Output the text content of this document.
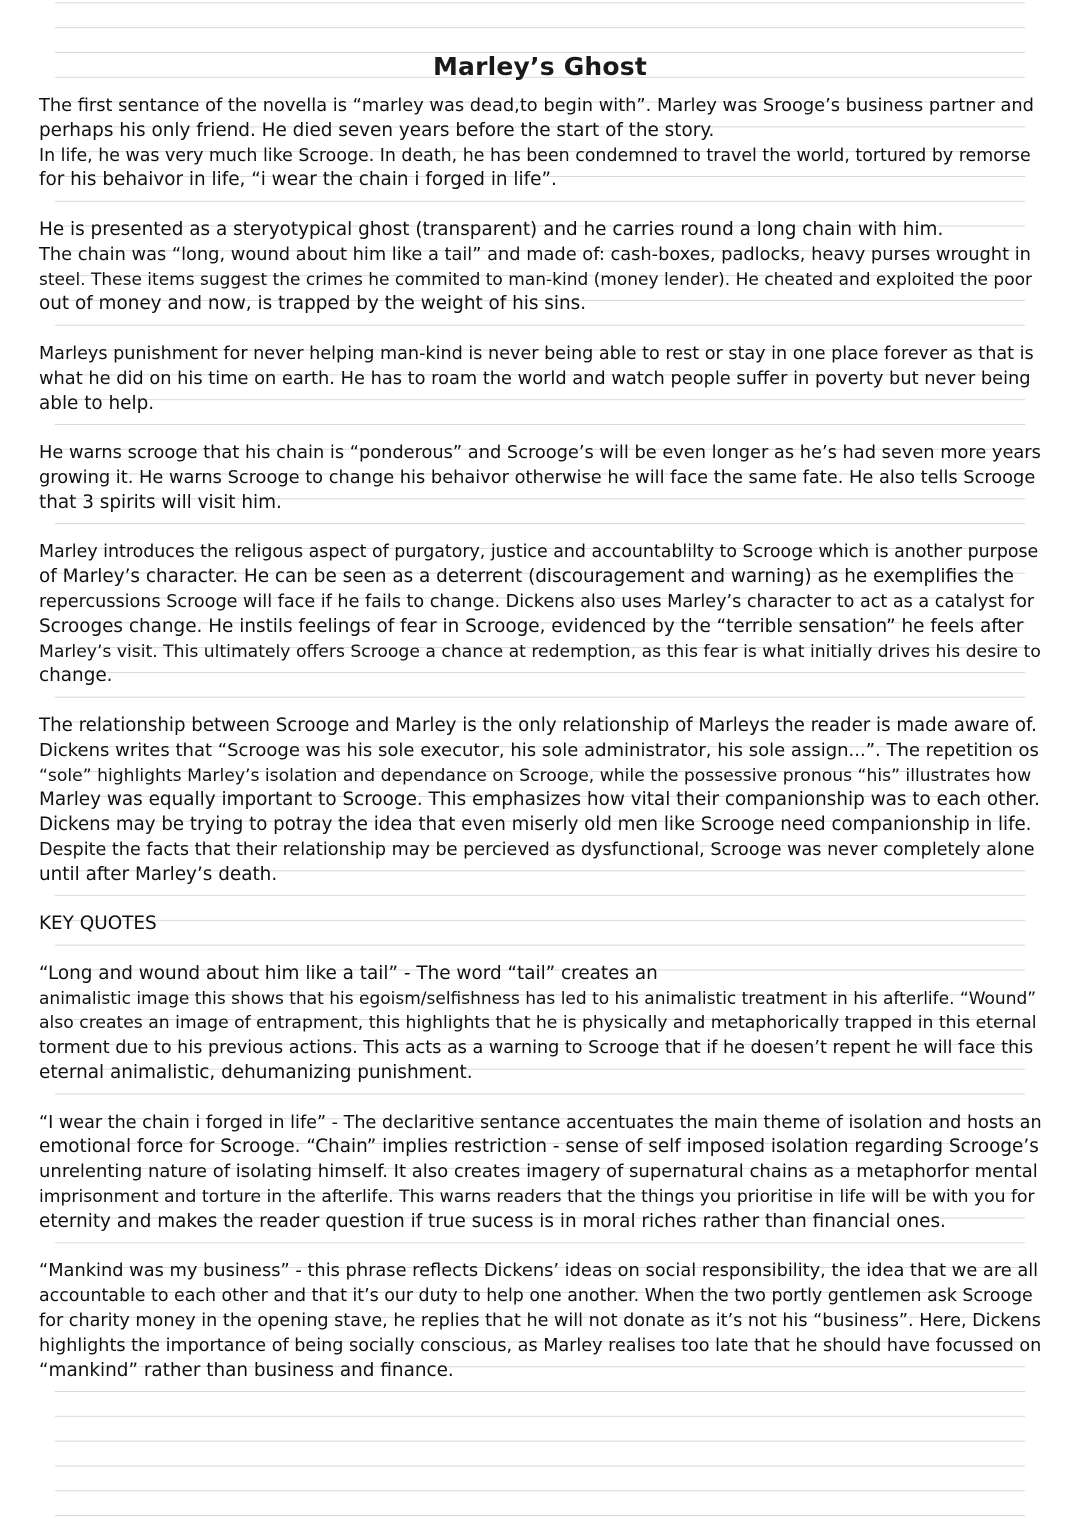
Marley’s Ghost
The first sentance of the novella is “marley was dead,to begin with”. Marley was Srooge’s business partner and
perhaps his only friend. He died seven years before the start of the story.
In life, he was very much like Scrooge. In death, he has been condemned to travel the world, tortured by remorse
for his behaivor in life, “i wear the chain i forged in life”.
He is presented as a steryotypical ghost (transparent) and he carries round a long chain with him.
The chain was “long, wound about him like a tail” and made of: cash-boxes, padlocks, heavy purses wrought in
steel. These items suggest the crimes he commited to man-kind (money lender). He cheated and exploited the poor
out of money and now, is trapped by the weight of his sins.
Marleys punishment for never helping man-kind is never being able to rest or stay in one place forever as that is
what he did on his time on earth. He has to roam the world and watch people suffer in poverty but never being
able to help.
He warns scrooge that his chain is “ponderous” and Scrooge’s will be even longer as he’s had seven more years
growing it. He warns Scrooge to change his behaivor otherwise he will face the same fate. He also tells Scrooge
that 3 spirits will visit him.
Marley introduces the religous aspect of purgatory, justice and accountablilty to Scrooge which is another purpose
of Marley’s character. He can be seen as a deterrent (discouragement and warning) as he exemplifies the
repercussions Scrooge will face if he fails to change. Dickens also uses Marley’s character to act as a catalyst for
Scrooges change. He instils feelings of fear in Scrooge, evidenced by the “terrible sensation” he feels after
Marley’s visit. This ultimately offers Scrooge a chance at redemption, as this fear is what initially drives his desire to
change.
The relationship between Scrooge and Marley is the only relationship of Marleys the reader is made aware of.
Dickens writes that “Scrooge was his sole executor, his sole administrator, his sole assign...”. The repetition os
“sole” highlights Marley’s isolation and dependance on Scrooge, while the possessive pronous “his” illustrates how
Marley was equally important to Scrooge. This emphasizes how vital their companionship was to each other.
Dickens may be trying to potray the idea that even miserly old men like Scrooge need companionship in life.
Despite the facts that their relationship may be percieved as dysfunctional, Scrooge was never completely alone
until after Marley’s death.
KEY QUOTES
“Long and wound about him like a tail” - The word “tail” creates an
animalistic image this shows that his egoism/selfishness has led to his animalistic treatment in his afterlife. “Wound”
also creates an image of entrapment, this highlights that he is physically and metaphorically trapped in this eternal
torment due to his previous actions. This acts as a warning to Scrooge that if he doesen’t repent he will face this
eternal animalistic, dehumanizing punishment.
“I wear the chain i forged in life” - The declaritive sentance accentuates the main theme of isolation and hosts an
emotional force for Scrooge. “Chain” implies restriction - sense of self imposed isolation regarding Scrooge’s
unrelenting nature of isolating himself. It also creates imagery of supernatural chains as a metaphorfor mental
imprisonment and torture in the afterlife. This warns readers that the things you prioritise in life will be with you for
eternity and makes the reader question if true sucess is in moral riches rather than financial ones.
“Mankind was my business” - this phrase reflects Dickens’ ideas on social responsibility, the idea that we are all
accountable to each other and that it’s our duty to help one another. When the two portly gentlemen ask Scrooge
for charity money in the opening stave, he replies that he will not donate as it’s not his “business”. Here, Dickens
highlights the importance of being socially conscious, as Marley realises too late that he should have focussed on
“mankind” rather than business and finance.
